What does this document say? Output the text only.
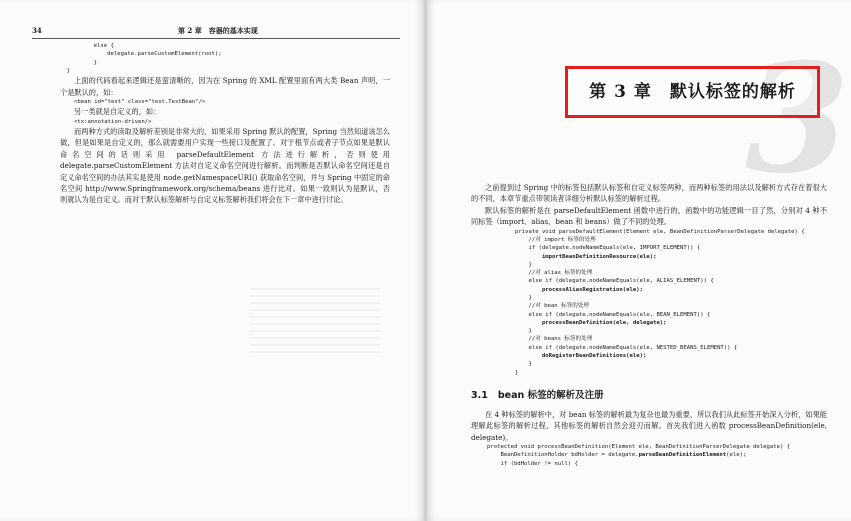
34	第 2 章　容器的基本实现
else {
delegate.parseCustomElement(root);
}
}

上面的代码看起来逻辑还是蛮清晰的，因为在 Spring 的 XML 配置里面有两大类 Bean 声明，一个是默认的，如：

<bean id="test" class="test.TestBean"/>

另一类就是自定义的，如：

<tx:annotation-driven/>

而两种方式的读取及解析差别是非常大的，如果采用 Spring 默认的配置，Spring 当然知道该怎么做，但是如果是自定义的，那么就需要用户实现一些接口及配置了。对于根节点或者子节点如果是默认命名空间的话则采用 parseDefaultElement 方法进行解析，否则使用 delegate.parseCustomElement 方法对自定义命名空间进行解析。而判断是否默认命名空间还是自定义命名空间的办法其实是使用 node.getNamespaceURI() 获取命名空间，并与 Spring 中固定的命名空间 http://www.Springframework.org/schema/beans 进行比对。如果一致则认为是默认，否则就认为是自定义。而对于默认标签解析与自定义标签解析我们将会在下一章中进行讨论。	3
第 3 章　默认标签的解析

之前提到过 Spring 中的标签包括默认标签和自定义标签两种，而两种标签的用法以及解析方式存在着很大的不同，本章节重点带领读者详细分析默认标签的解析过程。

默认标签的解析是在 parseDefaultElement 函数中进行的，函数中的功能逻辑一目了然，分别对 4 种不同标签（import、alias、bean 和 beans）做了不同的处理。

private void parseDefaultElement(Element ele, BeanDefinitionParserDelegate delegate) {
//对 import 标签的处理
if (delegate.nodeNameEquals(ele, IMPORT_ELEMENT)) {
importBeanDefinitionResource(ele);
}
//对 alias 标签的处理
else if (delegate.nodeNameEquals(ele, ALIAS_ELEMENT)) {
processAliasRegistration(ele);
}
//对 bean 标签的处理
else if (delegate.nodeNameEquals(ele, BEAN_ELEMENT)) {
processBeanDefinition(ele, delegate);
}
//对 beans 标签的处理
else if (delegate.nodeNameEquals(ele, NESTED_BEANS_ELEMENT)) {
doRegisterBeanDefinitions(ele);
}
}
3.1 bean 标签的解析及注册

在 4 种标签的解析中，对 bean 标签的解析最为复杂也最为重要，所以我们从此标签开始深入分析，如果能理解此标签的解析过程，其他标签的解析自然会迎刃而解。首先我们进入函数 processBeanDefinition(ele, delegate)。

protected void processBeanDefinition(Element ele, BeanDefinitionParserDelegate delegate) {
BeanDefinitionHolder bdHolder = delegate.parseBeanDefinitionElement(ele);
if (bdHolder != null) {
